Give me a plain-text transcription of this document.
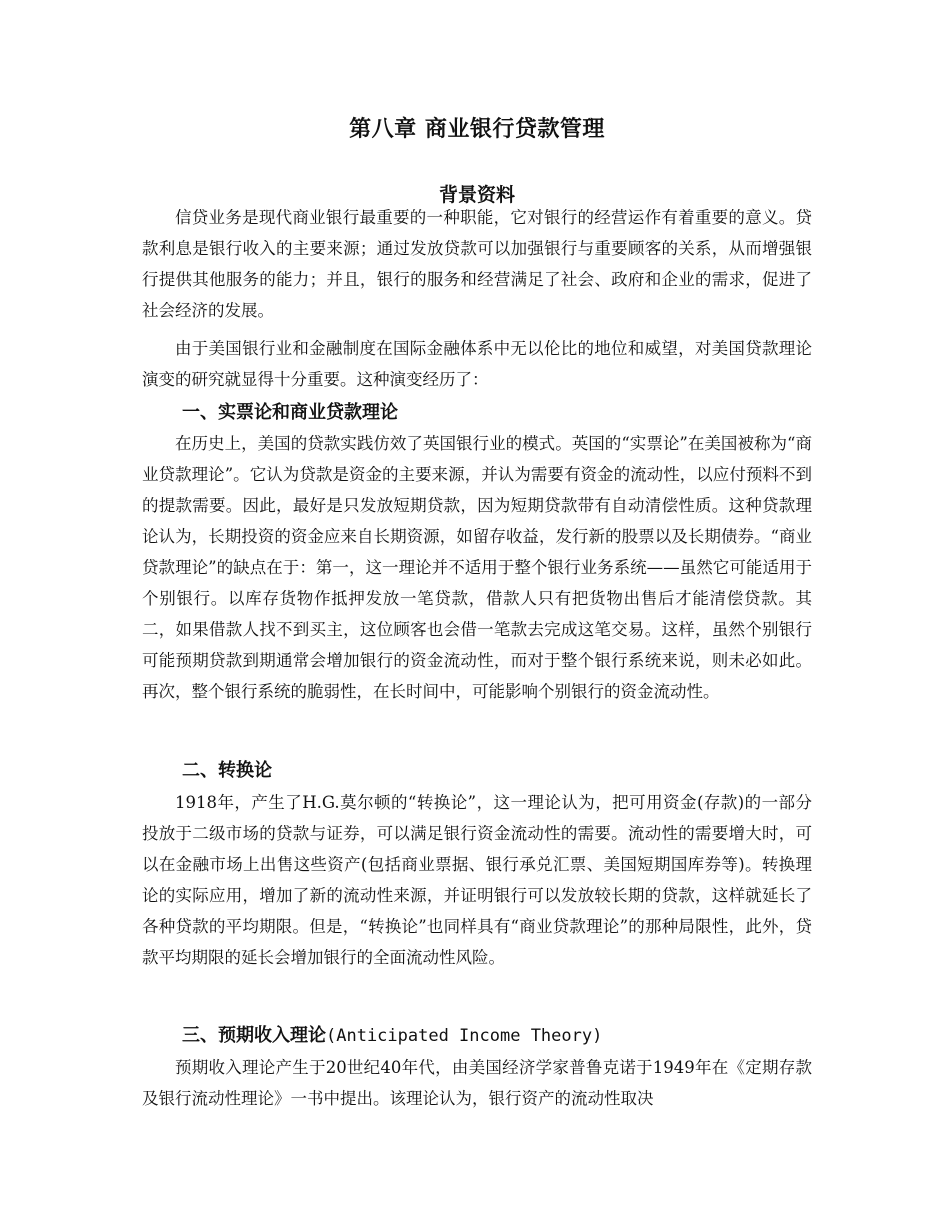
第八章 商业银行贷款管理
背景资料

信贷业务是现代商业银行最重要的一种职能，它对银行的经营运作有着重要的意义。贷款利息是银行收入的主要来源；通过发放贷款可以加强银行与重要顾客的关系，从而增强银行提供其他服务的能力；并且，银行的服务和经营满足了社会、政府和企业的需求，促进了社会经济的发展。

由于美国银行业和金融制度在国际金融体系中无以伦比的地位和威望，对美国贷款理论演变的研究就显得十分重要。这种演变经历了：

一、实票论和商业贷款理论

在历史上，美国的贷款实践仿效了英国银行业的模式。英国的“实票论”在美国被称为“商业贷款理论”。它认为贷款是资金的主要来源，并认为需要有资金的流动性，以应付预料不到的提款需要。因此，最好是只发放短期贷款，因为短期贷款带有自动清偿性质。这种贷款理论认为，长期投资的资金应来自长期资源，如留存收益，发行新的股票以及长期债券。“商业贷款理论”的缺点在于：第一，这一理论并不适用于整个银行业务系统——虽然它可能适用于个别银行。以库存货物作抵押发放一笔贷款，借款人只有把货物出售后才能清偿贷款。其二，如果借款人找不到买主，这位顾客也会借一笔款去完成这笔交易。这样，虽然个别银行可能预期贷款到期通常会增加银行的资金流动性，而对于整个银行系统来说，则未必如此。再次，整个银行系统的脆弱性，在长时间中，可能影响个别银行的资金流动性。

二、转换论

1918年，产生了H.G.莫尔顿的“转换论”，这一理论认为，把可用资金(存款)的一部分投放于二级市场的贷款与证券，可以满足银行资金流动性的需要。流动性的需要增大时，可以在金融市场上出售这些资产(包括商业票据、银行承兑汇票、美国短期国库券等)。转换理论的实际应用，增加了新的流动性来源，并证明银行可以发放较长期的贷款，这样就延长了各种贷款的平均期限。但是，“转换论”也同样具有“商业贷款理论”的那种局限性，此外，贷款平均期限的延长会增加银行的全面流动性风险。

三、预期收入理论(Anticipated Income Theory)

预期收入理论产生于20世纪40年代，由美国经济学家普鲁克诺于1949年在《定期存款及银行流动性理论》一书中提出。该理论认为，银行资产的流动性取决
